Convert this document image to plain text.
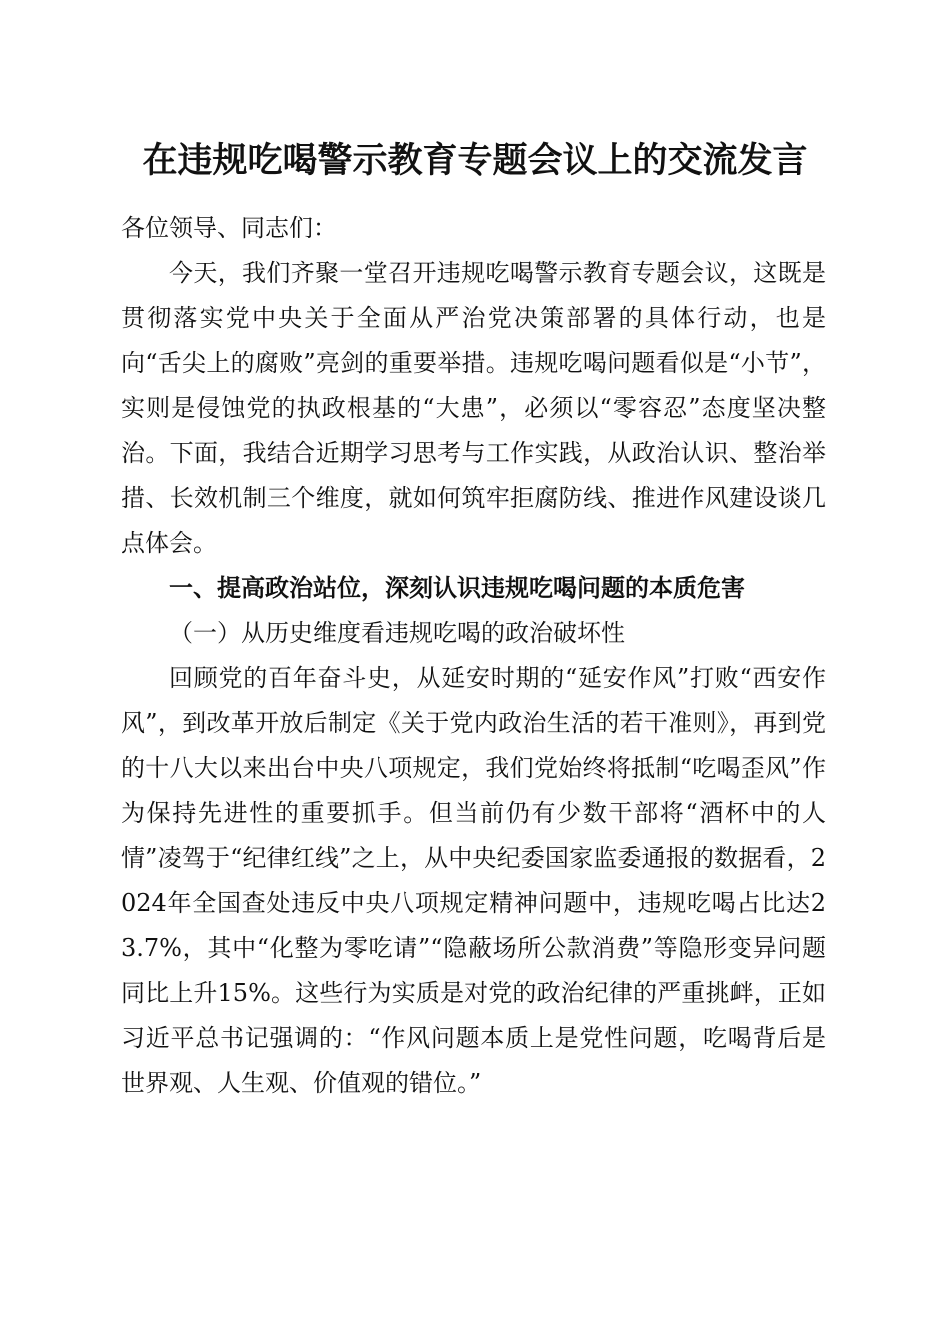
在违规吃喝警示教育专题会议上的交流发言

各位领导、同志们：

今天，我们齐聚一堂召开违规吃喝警示教育专题会议，这既是贯彻落实党中央关于全面从严治党决策部署的具体行动，也是向“舌尖上的腐败”亮剑的重要举措。违规吃喝问题看似是“小节”，实则是侵蚀党的执政根基的“大患”，必须以“零容忍”态度坚决整治。下面，我结合近期学习思考与工作实践，从政治认识、整治举措、长效机制三个维度，就如何筑牢拒腐防线、推进作风建设谈几点体会。

一、提高政治站位，深刻认识违规吃喝问题的本质危害

（一）从历史维度看违规吃喝的政治破坏性

回顾党的百年奋斗史，从延安时期的“延安作风”打败“西安作风”，到改革开放后制定《关于党内政治生活的若干准则》，再到党的十八大以来出台中央八项规定，我们党始终将抵制“吃喝歪风”作为保持先进性的重要抓手。但当前仍有少数干部将“酒杯中的人情”凌驾于“纪律红线”之上，从中央纪委国家监委通报的数据看，2024年全国查处违反中央八项规定精神问题中，违规吃喝占比达23.7%，其中“化整为零吃请”“隐蔽场所公款消费”等隐形变异问题同比上升15%。这些行为实质是对党的政治纪律的严重挑衅，正如习近平总书记强调的：“作风问题本质上是党性问题，吃喝背后是世界观、人生观、价值观的错位。”
